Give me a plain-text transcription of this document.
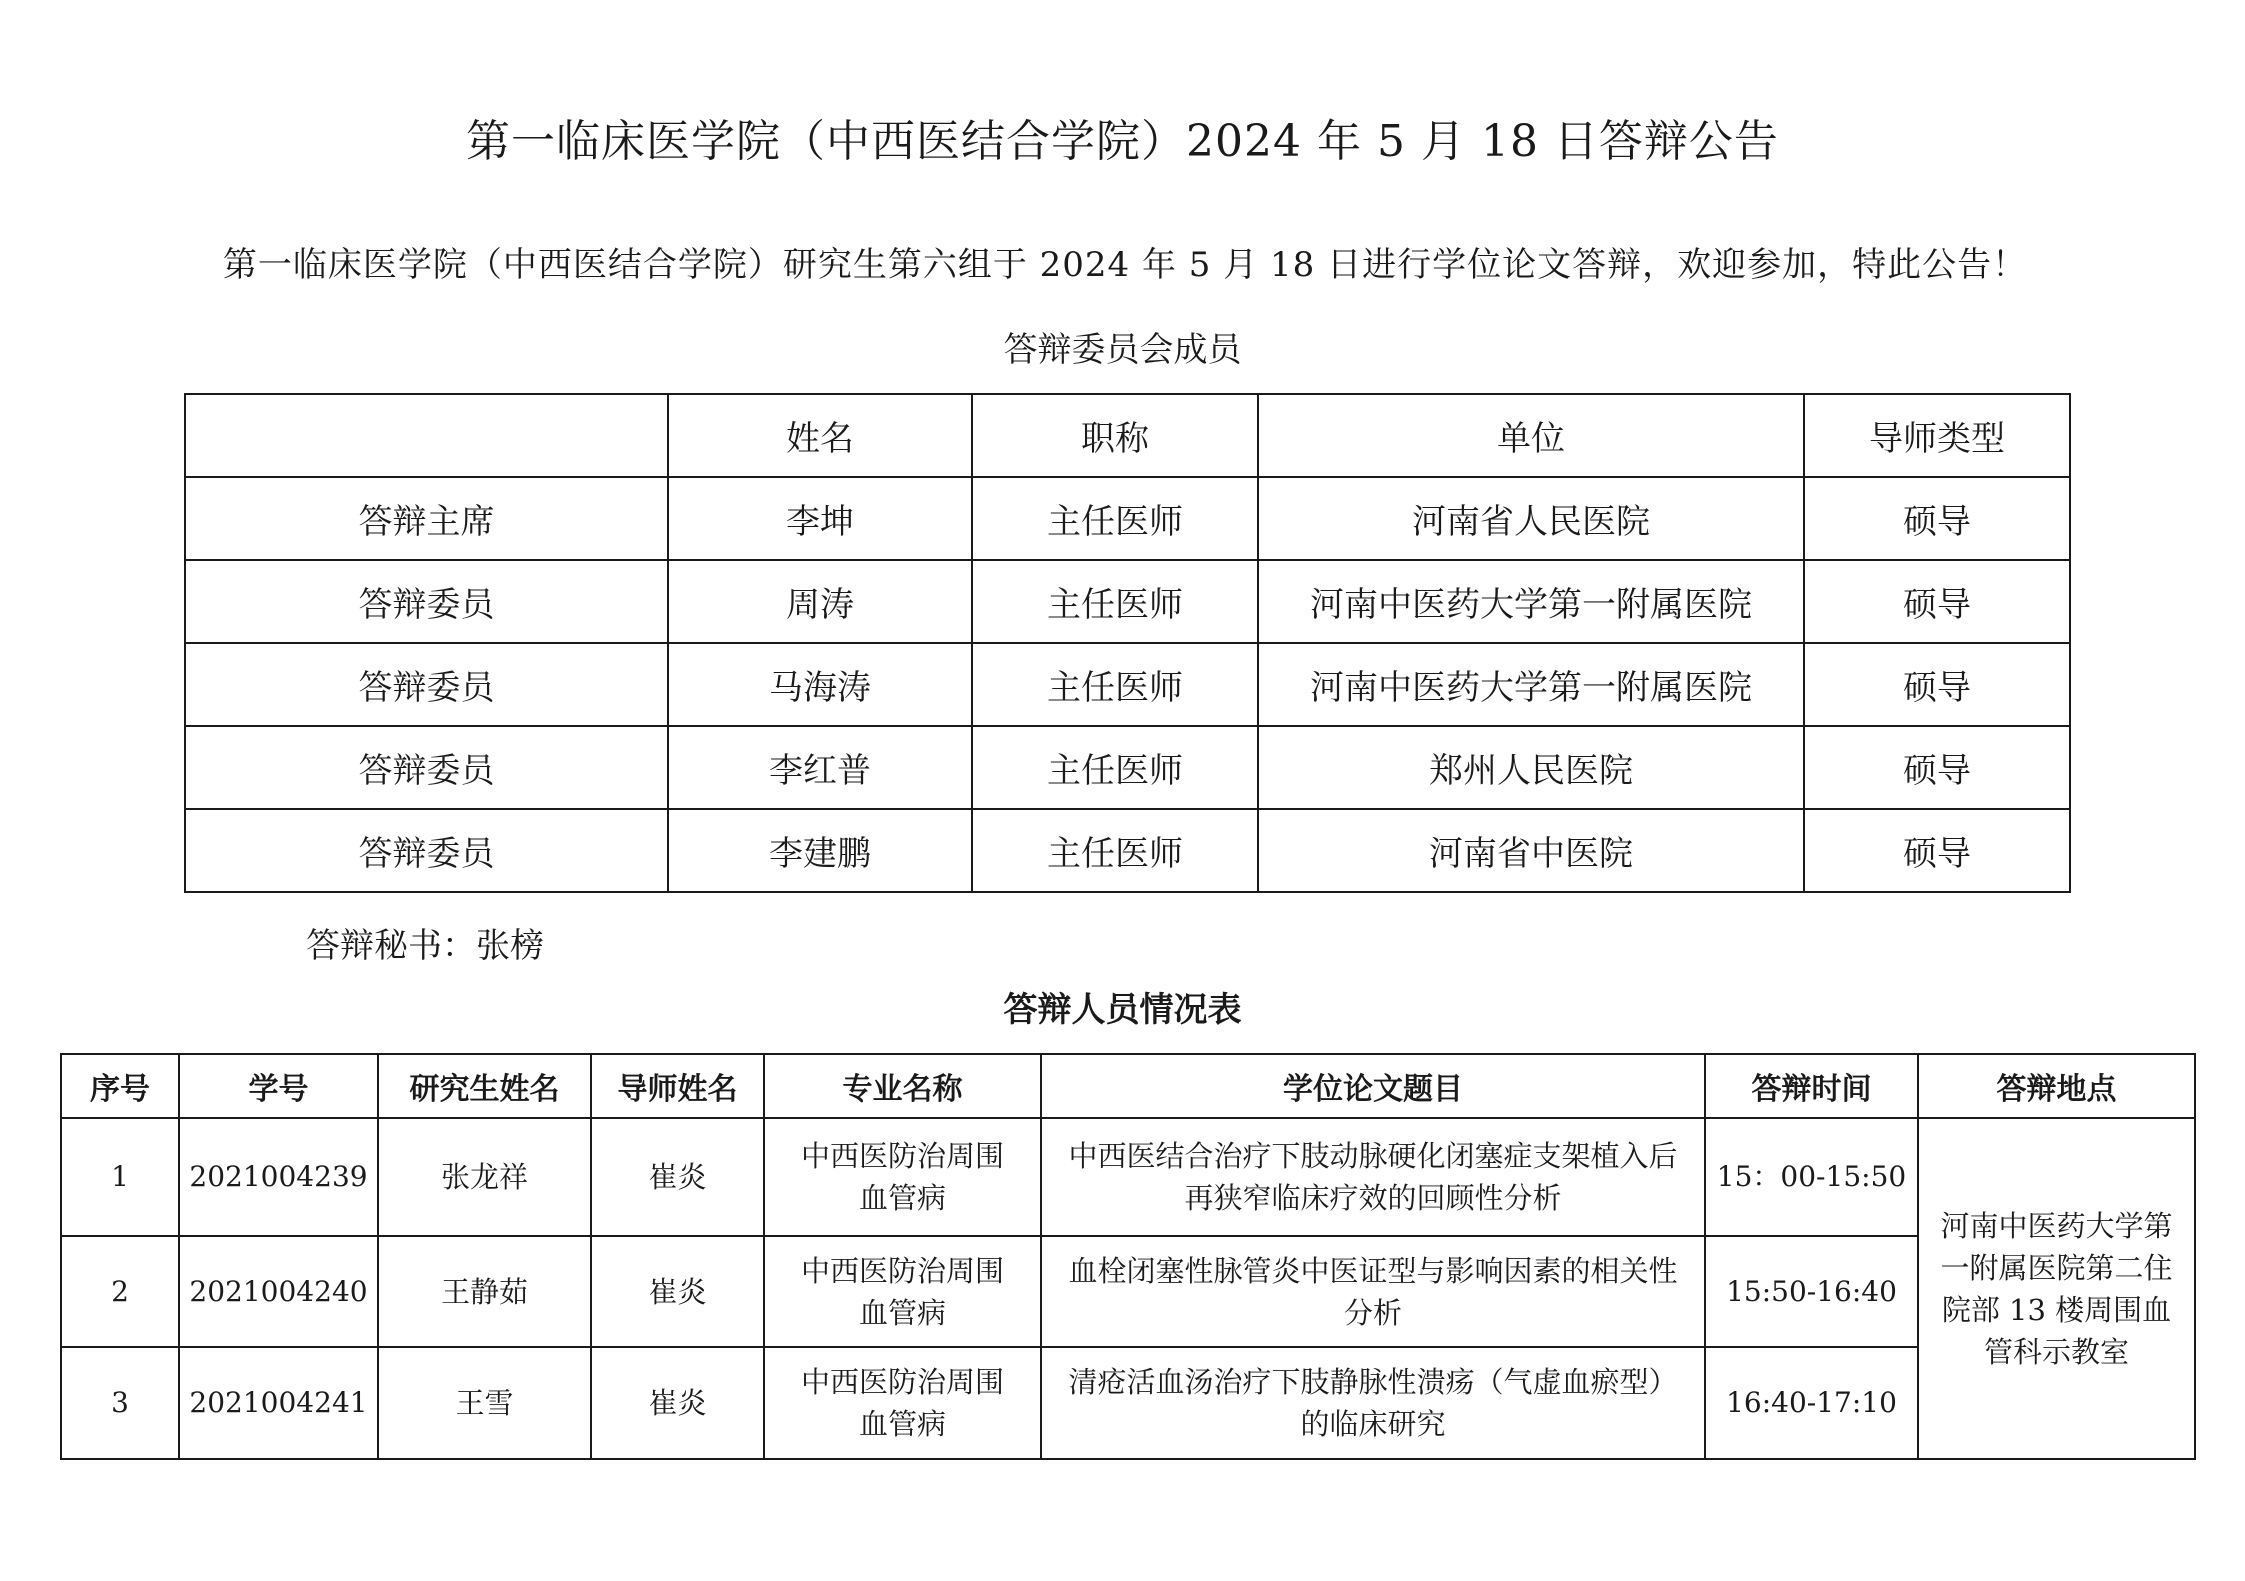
第一临床医学院（中西医结合学院）2024 年 5 月 18 日答辩公告

第一临床医学院（中西医结合学院）研究生第六组于 2024 年 5 月 18 日进行学位论文答辩，欢迎参加，特此公告！

答辩委员会成员

	姓名	职称	单位	导师类型
答辩主席	李坤	主任医师	河南省人民医院	硕导
答辩委员	周涛	主任医师	河南中医药大学第一附属医院	硕导
答辩委员	马海涛	主任医师	河南中医药大学第一附属医院	硕导
答辩委员	李红普	主任医师	郑州人民医院	硕导
答辩委员	李建鹏	主任医师	河南省中医院	硕导

答辩秘书：张榜

答辩人员情况表

序号	学号	研究生姓名	导师姓名	专业名称	学位论文题目	答辩时间	答辩地点
1	2021004239	张龙祥	崔炎	中西医防治周围血管病	中西医结合治疗下肢动脉硬化闭塞症支架植入后再狭窄临床疗效的回顾性分析	15：00-15:50	河南中医药大学第一附属医院第二住院部 13 楼周围血管科示教室
2	2021004240	王静茹	崔炎	中西医防治周围血管病	血栓闭塞性脉管炎中医证型与影响因素的相关性分析	15:50-16:40	
3	2021004241	王雪	崔炎	中西医防治周围血管病	清疮活血汤治疗下肢静脉性溃疡（气虚血瘀型）的临床研究	16:40-17:10	
